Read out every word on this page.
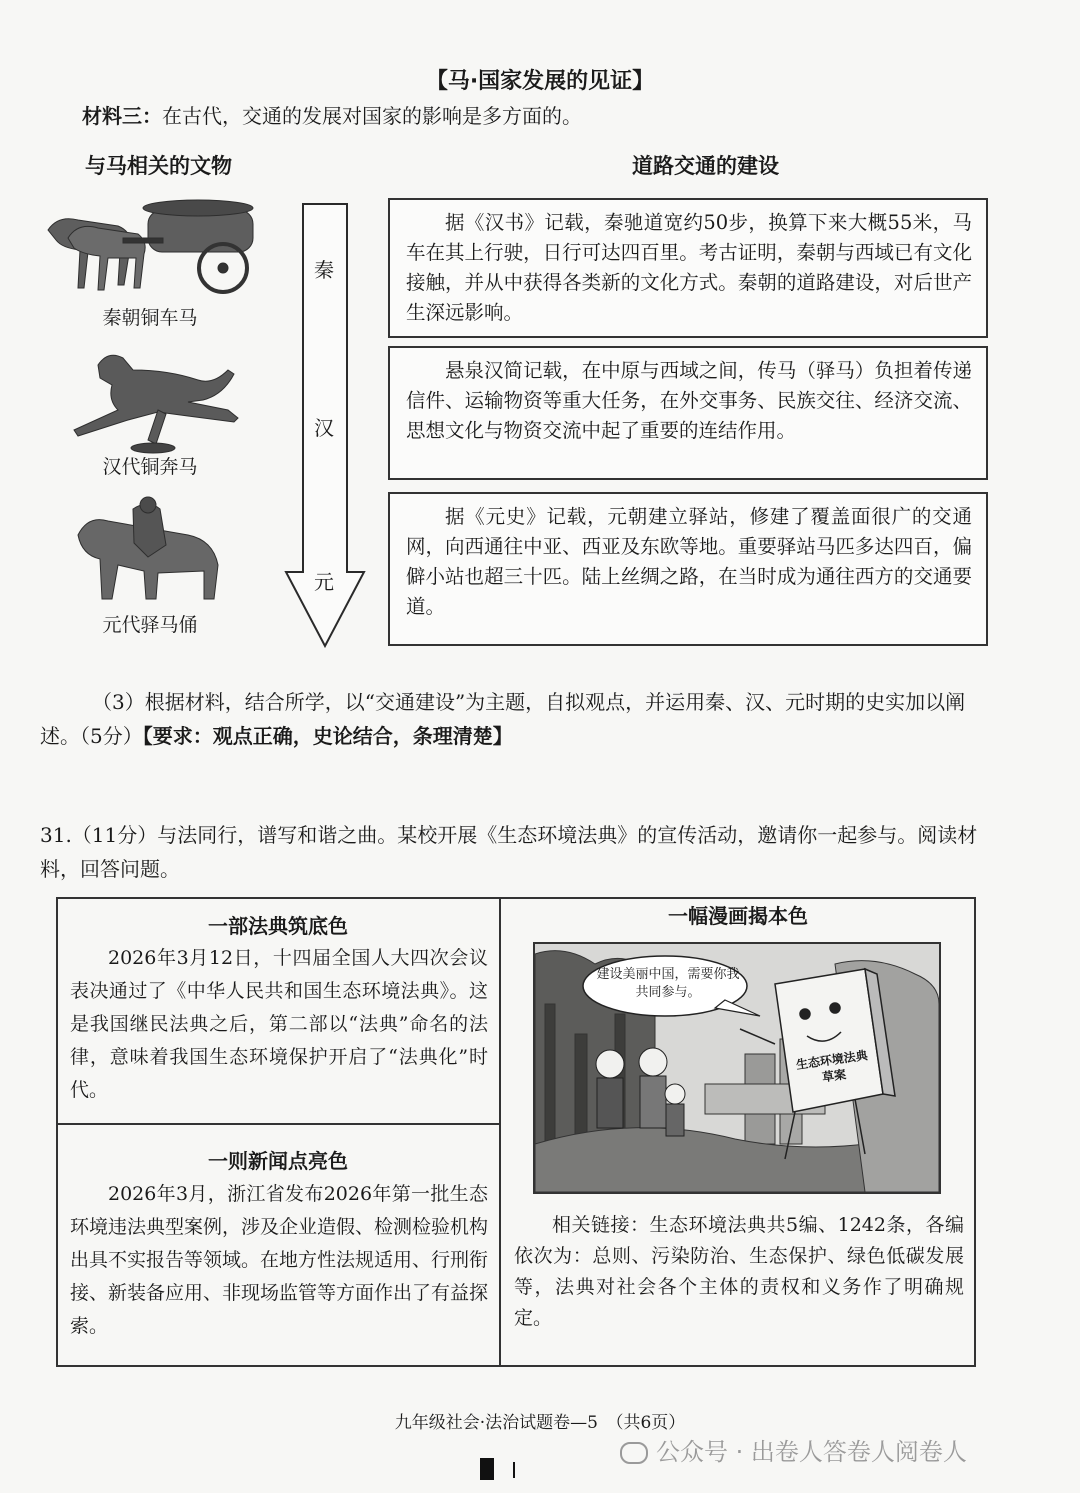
【马·国家发展的见证】
材料三：在古代，交通的发展对国家的影响是多方面的。
与马相关的文物	道路交通的建设
秦朝铜车马
汉代铜奔马
元代驿马俑
秦
汉
元
据《汉书》记载，秦驰道宽约50步，换算下来大概55米，马车在其上行驶，日行可达四百里。考古证明，秦朝与西域已有文化接触，并从中获得各类新的文化方式。秦朝的道路建设，对后世产生深远影响。
悬泉汉简记载，在中原与西域之间，传马（驿马）负担着传递信件、运输物资等重大任务，在外交事务、民族交往、经济交流、思想文化与物资交流中起了重要的连结作用。
据《元史》记载，元朝建立驿站，修建了覆盖面很广的交通网，向西通往中亚、西亚及东欧等地。重要驿站马匹多达四百，偏僻小站也超三十匹。陆上丝绸之路，在当时成为通往西方的交通要道。
（3）根据材料，结合所学，以“交通建设”为主题，自拟观点，并运用秦、汉、元时期的史实加以阐述。（5分）【要求：观点正确，史论结合，条理清楚】
31.（11分）与法同行，谱写和谐之曲。某校开展《生态环境法典》的宣传活动，邀请你一起参与。阅读材料，回答问题。
一部法典筑底色
2026年3月12日，十四届全国人大四次会议表决通过了《中华人民共和国生态环境法典》。这是我国继民法典之后，第二部以“法典”命名的法律，意味着我国生态环境保护开启了“法典化”时代。
一则新闻点亮色
2026年3月，浙江省发布2026年第一批生态环境违法典型案例，涉及企业造假、检测检验机构出具不实报告等领域。在地方性法规适用、行刑衔接、新装备应用、非现场监管等方面作出了有益探索。
一幅漫画揭本色
建设美丽中国，需要你我共同参与。
生态环境法典草案
相关链接：生态环境法典共5编、1242条，各编依次为：总则、污染防治、生态保护、绿色低碳发展等，法典对社会各个主体的责权和义务作了明确规定。
九年级社会·法治试题卷—5　（共6页）
公众号 · 出卷人答卷人阅卷人
